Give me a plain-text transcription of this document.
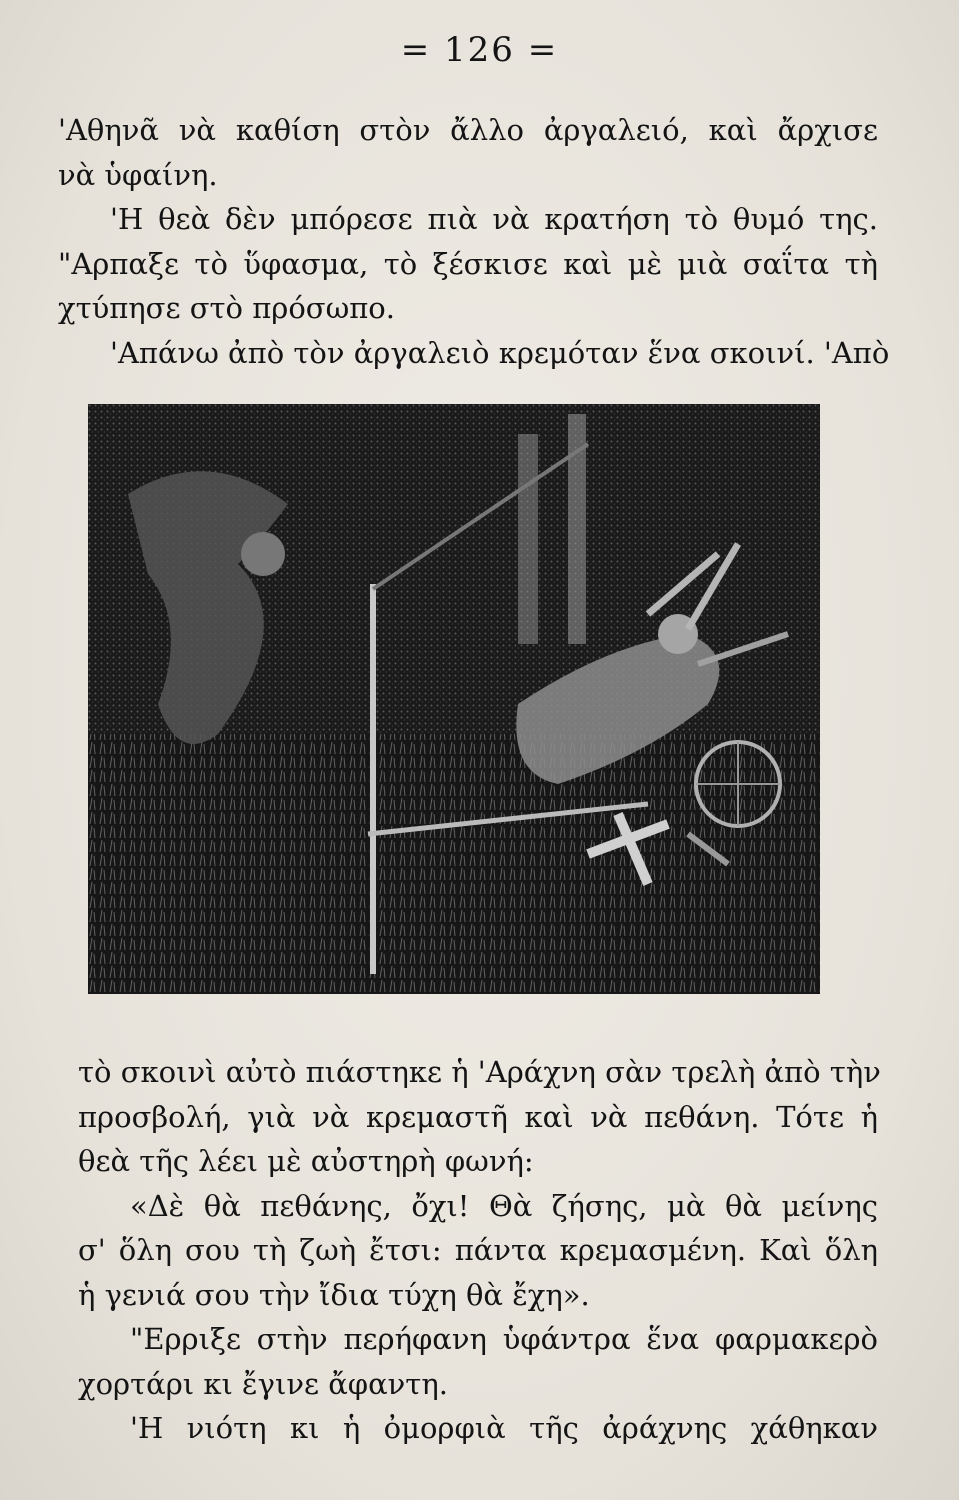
= 126 =
'Αθηνᾶ νὰ καθίση στὸν ἄλλο ἀργαλειό, καὶ ἄρχισε
νὰ ὑφαίνη.
'Η θεὰ δὲν μπόρεσε πιὰ νὰ κρατήση τὸ θυμό της.
"Αρπαξε τὸ ὕφασμα, τὸ ξέσκισε καὶ μὲ μιὰ σαΐτα τὴ
χτύπησε στὸ πρόσωπο.
'Απάνω ἀπὸ τὸν ἀργαλειὸ κρεμόταν ἕνα σκοινί. 'Απὸ
τὸ σκοινὶ αὐτὸ πιάστηκε ἡ 'Αράχνη σὰν τρελὴ ἀπὸ τὴν
προσβολή, γιὰ νὰ κρεμαστῆ καὶ νὰ πεθάνη. Τότε ἡ
θεὰ τῆς λέει μὲ αὐστηρὴ φωνή:
«Δὲ θὰ πεθάνης, ὄχι! Θὰ ζήσης, μὰ θὰ μείνης
σ' ὅλη σου τὴ ζωὴ ἔτσι: πάντα κρεμασμένη. Καὶ ὅλη
ἡ γενιά σου τὴν ἴδια τύχη θὰ ἔχη».
"Ερριξε στὴν περήφανη ὑφάντρα ἕνα φαρμακερὸ
χορτάρι κι ἔγινε ἄφαντη.
'Η νιότη κι ἡ ὀμορφιὰ τῆς ἀράχνης χάθηκαν
